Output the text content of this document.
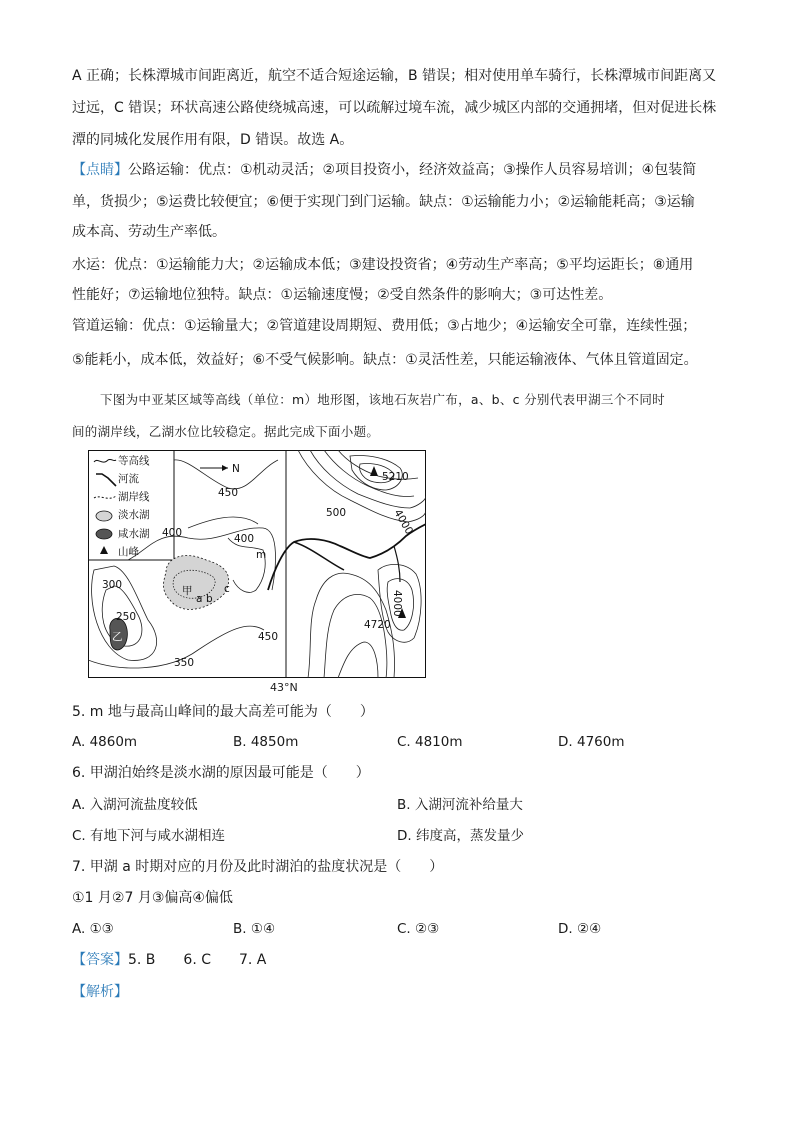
A 正确；长株潭城市间距离近，航空不适合短途运输，B 错误；相对使用单车骑行，长株潭城市间距离又
过远，C 错误；环状高速公路使绕城高速，可以疏解过境车流，减少城区内部的交通拥堵，但对促进长株
潭的同城化发展作用有限，D 错误。故选 A。
【点睛】公路运输：优点：①机动灵活；②项目投资小，经济效益高；③操作人员容易培训；④包装简
单，货损少；⑤运费比较便宜；⑥便于实现门到门运输。缺点：①运输能力小；②运输能耗高；③运输
成本高、劳动生产率低。
水运：优点：①运输能力大；②运输成本低；③建设投资省；④劳动生产率高；⑤平均运距长；⑧通用
性能好；⑦运输地位独特。缺点：①运输速度慢；②受自然条件的影响大；③可达性差。
管道运输：优点：①运输量大；②管道建设周期短、费用低；③占地少；④运输安全可靠，连续性强；
⑤能耗小，成本低，效益好；⑥不受气候影响。缺点：①灵活性差，只能运输液体、气体且管道固定。
下图为中亚某区域等高线（单位：m）地形图，该地石灰岩广布，a、b、c 分别代表甲湖三个不同时
间的湖岸线，乙湖水位比较稳定。据此完成下面小题。
等高线
河流
湖岸线
淡水湖
咸水湖
山峰
N
450
400	400
500
300
250
450
350
4000
4000
5210
4720
m
甲
a b
c
乙
43°N
5. m 地与最高山峰间的最大高差可能为（　　）
A. 4860m	B. 4850m	C. 4810m	D. 4760m
6. 甲湖泊始终是淡水湖的原因最可能是（　　）
A. 入湖河流盐度较低	B. 入湖河流补给量大
C. 有地下河与咸水湖相连	D. 纬度高，蒸发量少
7. 甲湖 a 时期对应的月份及此时湖泊的盐度状况是（　　）
①1 月②7 月③偏高④偏低
A. ①③	B. ①④	C. ②③	D. ②④
【答案】5. B　　6. C　　7. A
【解析】
